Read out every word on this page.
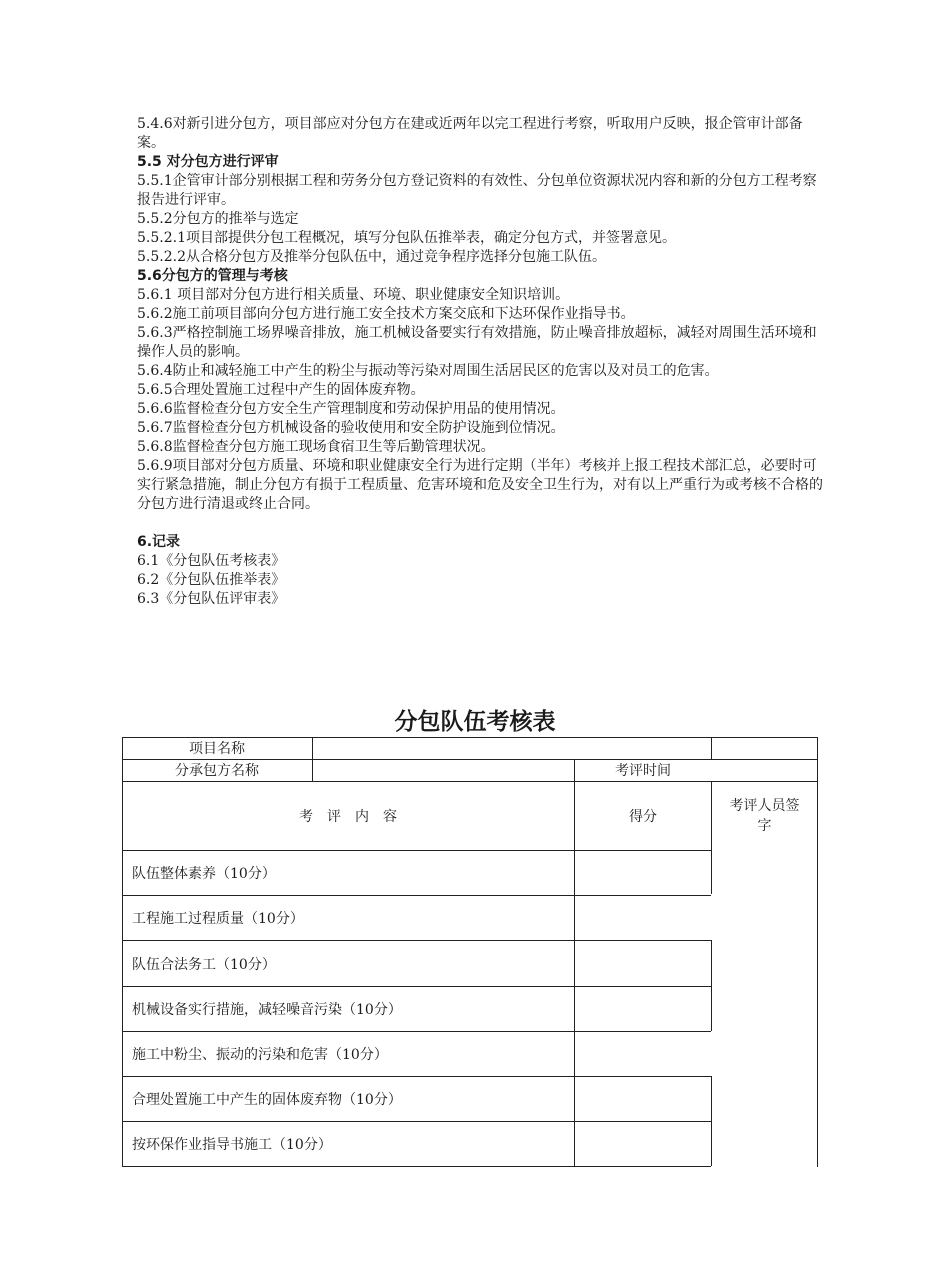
5.4.6对新引进分包方，项目部应对分包方在建或近两年以完工程进行考察，听取用户反映，报企管审计部备案。

5.5 对分包方进行评审

5.5.1企管审计部分别根据工程和劳务分包方登记资料的有效性、分包单位资源状况内容和新的分包方工程考察报告进行评审。

5.5.2分包方的推举与选定

5.5.2.1项目部提供分包工程概况，填写分包队伍推举表，确定分包方式，并签署意见。

5.5.2.2从合格分包方及推举分包队伍中，通过竞争程序选择分包施工队伍。

5.6分包方的管理与考核

5.6.1 项目部对分包方进行相关质量、环境、职业健康安全知识培训。

5.6.2施工前项目部向分包方进行施工安全技术方案交底和下达环保作业指导书。

5.6.3严格控制施工场界噪音排放，施工机械设备要实行有效措施，防止噪音排放超标，减轻对周围生活环境和操作人员的影响。

5.6.4防止和减轻施工中产生的粉尘与振动等污染对周围生活居民区的危害以及对员工的危害。

5.6.5合理处置施工过程中产生的固体废弃物。

5.6.6监督检查分包方安全生产管理制度和劳动保护用品的使用情况。

5.6.7监督检查分包方机械设备的验收使用和安全防护设施到位情况。

5.6.8监督检查分包方施工现场食宿卫生等后勤管理状况。

5.6.9项目部对分包方质量、环境和职业健康安全行为进行定期（半年）考核并上报工程技术部汇总，必要时可实行紧急措施，制止分包方有损于工程质量、危害环境和危及安全卫生行为，对有以上严重行为或考核不合格的分包方进行清退或终止合同。

6.记录

6.1《分包队伍考核表》

6.2《分包队伍推举表》

6.3《分包队伍评审表》

分包队伍考核表
项目名称
分承包方名称	考评时间
考　评　内　容	得分
考评人员签字
队伍整体素养（10分）
工程施工过程质量（10分）
队伍合法务工（10分）
机械设备实行措施，减轻噪音污染（10分）
施工中粉尘、振动的污染和危害（10分）
合理处置施工中产生的固体废弃物（10分）
按环保作业指导书施工（10分）
